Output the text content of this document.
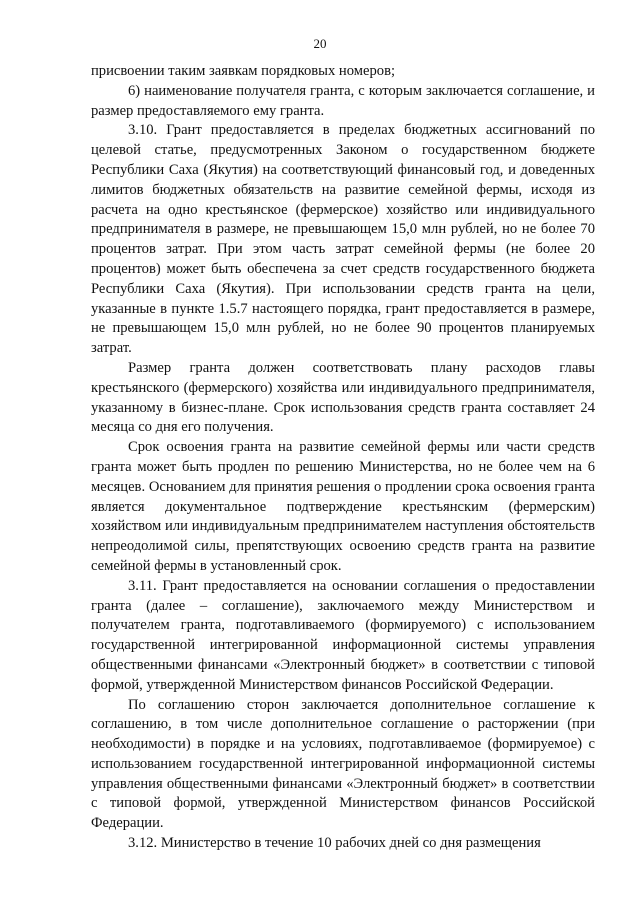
20

присвоении таким заявкам порядковых номеров;

6) наименование получателя гранта, с которым заключается соглашение, и размер предоставляемого ему гранта.

3.10. Грант предоставляется в пределах бюджетных ассигнований по целевой статье, предусмотренных Законом о государственном бюджете Республики Саха (Якутия) на соответствующий финансовый год, и доведенных лимитов бюджетных обязательств на развитие семейной фермы, исходя из расчета на одно крестьянское (фермерское) хозяйство или индивидуального предпринимателя в размере, не превышающем 15,0 млн рублей, но не более 70 процентов затрат. При этом часть затрат семейной фермы (не более 20 процентов) может быть обеспечена за счет средств государственного бюджета Республики Саха (Якутия). При использовании средств гранта на цели, указанные в пункте 1.5.7 настоящего порядка, грант предоставляется в размере, не превышающем 15,0 млн рублей, но не более 90 процентов планируемых затрат.

Размер гранта должен соответствовать плану расходов главы крестьянского (фермерского) хозяйства или индивидуального предпринимателя, указанному в бизнес-плане. Срок использования средств гранта составляет 24 месяца со дня его получения.

Срок освоения гранта на развитие семейной фермы или части средств гранта может быть продлен по решению Министерства, но не более чем на 6 месяцев. Основанием для принятия решения о продлении срока освоения гранта является документальное подтверждение крестьянским (фермерским) хозяйством или индивидуальным предпринимателем наступления обстоятельств непреодолимой силы, препятствующих освоению средств гранта на развитие семейной фермы в установленный срок.

3.11. Грант предоставляется на основании соглашения о предоставлении гранта (далее – соглашение), заключаемого между Министерством и получателем гранта, подготавливаемого (формируемого) с использованием государственной интегрированной информационной системы управления общественными финансами «Электронный бюджет» в соответствии с типовой формой, утвержденной Министерством финансов Российской Федерации.

По соглашению сторон заключается дополнительное соглашение к соглашению, в том числе дополнительное соглашение о расторжении (при необходимости) в порядке и на условиях, подготавливаемое (формируемое) с использованием государственной интегрированной информационной системы управления общественными финансами «Электронный бюджет» в соответствии с типовой формой, утвержденной Министерством финансов Российской Федерации.

3.12. Министерство в течение 10 рабочих дней со дня размещения
